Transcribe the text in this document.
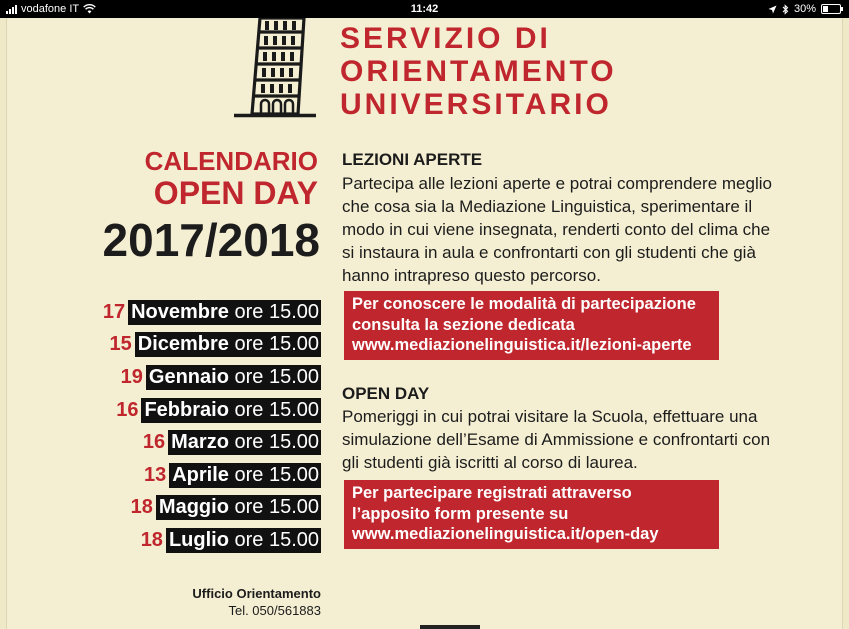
vodafone IT	11:42	30%
SERVIZIO DI
ORIENTAMENTO
UNIVERSITARIO
CALENDARIO
OPEN DAY
2017/2018
17 Novembre ore 15.00
15 Dicembre ore 15.00
19 Gennaio ore 15.00
16 Febbraio ore 15.00
16 Marzo ore 15.00
13 Aprile ore 15.00
18 Maggio ore 15.00
18 Luglio ore 15.00
Ufficio Orientamento
Tel. 050/561883
LEZIONI APERTE
Partecipa alle lezioni aperte e potrai comprendere meglio
che cosa sia la Mediazione Linguistica, sperimentare il
modo in cui viene insegnata, renderti conto del clima che
si instaura in aula e confrontarti con gli studenti che già
hanno intrapreso questo percorso.
Per conoscere le modalità di partecipazione
consulta la sezione dedicata
www.mediazionelinguistica.it/lezioni-aperte
OPEN DAY
Pomeriggi in cui potrai visitare la Scuola, effettuare una
simulazione dell’Esame di Ammissione e confrontarti con
gli studenti già iscritti al corso di laurea.
Per partecipare registrati attraverso
l’apposito form presente su
www.mediazionelinguistica.it/open-day
